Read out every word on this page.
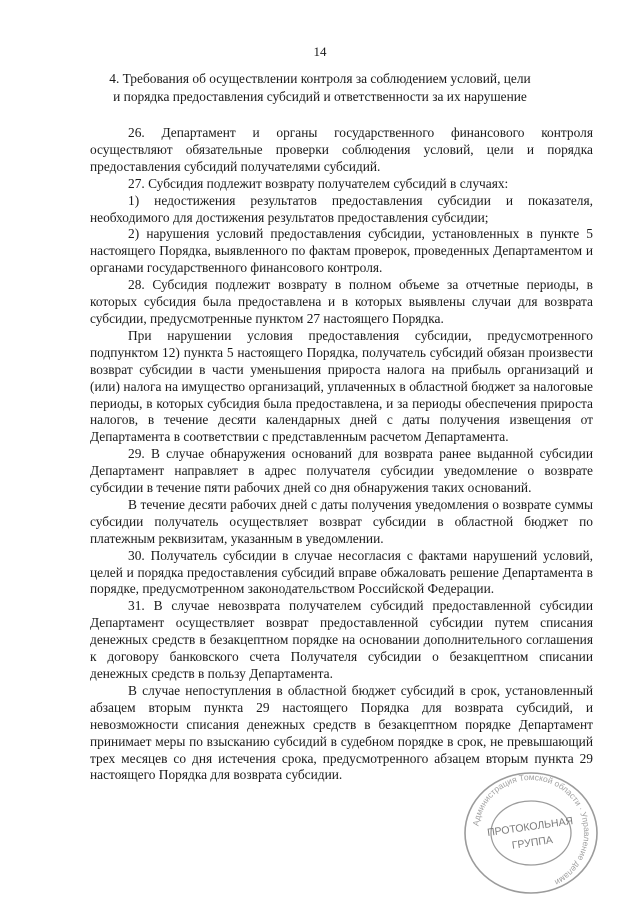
14
4. Требования об осуществлении контроля за соблюдением условий, цели
и порядка предоставления субсидий и ответственности за их нарушение

26. Департамент и органы государственного финансового контроля осуществляют обязательные проверки соблюдения условий, цели и порядка предоставления субсидий получателями субсидий.

27. Субсидия подлежит возврату получателем субсидий в случаях:

1) недостижения результатов предоставления субсидии и показателя, необходимого для достижения результатов предоставления субсидии;

2) нарушения условий предоставления субсидии, установленных в пункте 5 настоящего Порядка, выявленного по фактам проверок, проведенных Департаментом и органами государственного финансового контроля.

28. Субсидия подлежит возврату в полном объеме за отчетные периоды, в которых субсидия была предоставлена и в которых выявлены случаи для возврата субсидии, предусмотренные пунктом 27 настоящего Порядка.

При нарушении условия предоставления субсидии, предусмотренного подпунктом 12) пункта 5 настоящего Порядка, получатель субсидий обязан произвести возврат субсидии в части уменьшения прироста налога на прибыль организаций и (или) налога на имущество организаций, уплаченных в областной бюджет за налоговые периоды, в которых субсидия была предоставлена, и за периоды обеспечения прироста налогов, в течение десяти календарных дней с даты получения извещения от Департамента в соответствии с представленным расчетом Департамента.

29. В случае обнаружения оснований для возврата ранее выданной субсидии Департамент направляет в адрес получателя субсидии уведомление о возврате субсидии в течение пяти рабочих дней со дня обнаружения таких оснований.

В течение десяти рабочих дней с даты получения уведомления о возврате суммы субсидии получатель осуществляет возврат субсидии в областной бюджет по платежным реквизитам, указанным в уведомлении.

30. Получатель субсидии в случае несогласия с фактами нарушений условий, целей и порядка предоставления субсидий вправе обжаловать решение Департамента в порядке, предусмотренном законодательством Российской Федерации.

31. В случае невозврата получателем субсидий предоставленной субсидии Департамент осуществляет возврат предоставленной субсидии путем списания денежных средств в безакцептном порядке на основании дополнительного соглашения к договору банковского счета Получателя субсидии о безакцептном списании денежных средств в пользу Департамента.

В случае непоступления в областной бюджет субсидий в срок, установленный абзацем вторым пункта 29 настоящего Порядка для возврата субсидий, и невозможности списания денежных средств в безакцептном порядке Департамент принимает меры по взысканию субсидий в судебном порядке в срок, не превышающий трех месяцев со дня истечения срока, предусмотренного абзацем вторым пункта 29 настоящего Порядка для возврата субсидии.

Администрация Томской области · Управление делами
ПРОТОКОЛЬНАЯ
ГРУППА
